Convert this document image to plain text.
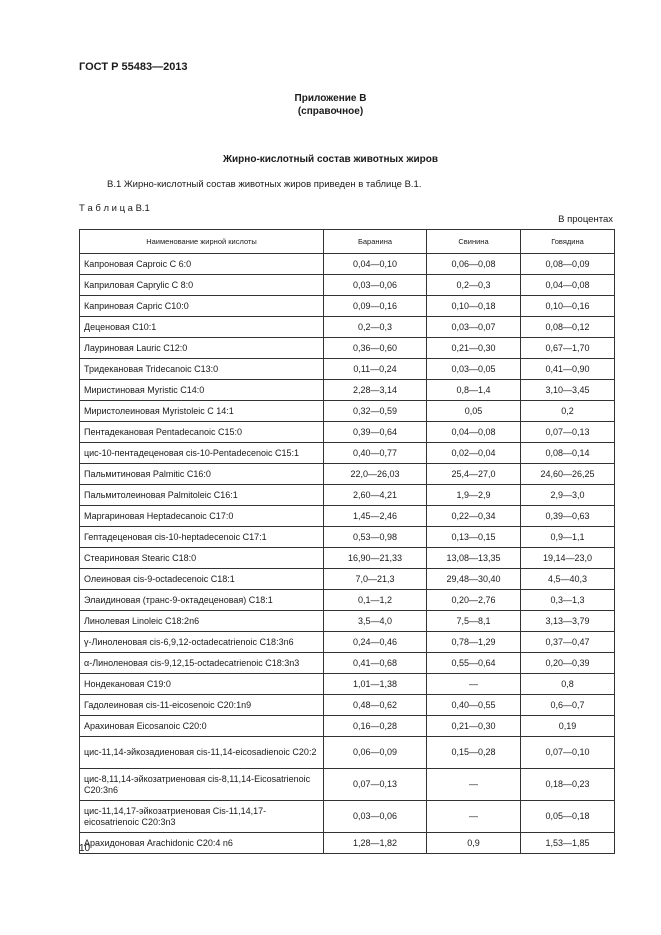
ГОСТ Р 55483—2013
Приложение В
(справочное)
Жирно-кислотный состав животных жиров
В.1 Жирно-кислотный состав животных жиров приведен в таблице В.1.
Т а б л и ц а В.1
В процентах
Наименование жирной кислоты	Баранина	Свинина	Говядина
Капроновая Caproic C 6:0	0,04—0,10	0,06—0,08	0,08—0,09
Каприловая Caprylic C 8:0	0,03—0,06	0,2—0,3	0,04—0,08
Каприновая Capric C10:0	0,09—0,16	0,10—0,18	0,10—0,16
Деценовая C10:1	0,2—0,3	0,03—0,07	0,08—0,12
Лауриновая Lauric C12:0	0,36—0,60	0,21—0,30	0,67—1,70
Тридекановая Tridecanoic C13:0	0,11—0,24	0,03—0,05	0,41—0,90
Миристиновая Myristic C14:0	2,28—3,14	0,8—1,4	3,10—3,45
Миристолеиновая Myristoleic C 14:1	0,32—0,59	0,05	0,2
Пентадекановая Pentadecanoic C15:0	0,39—0,64	0,04—0,08	0,07—0,13
цис-10-пентадеценовая cis-10-Pentadecenoic C15:1	0,40—0,77	0,02—0,04	0,08—0,14
Пальмитиновая Palmitic C16:0	22,0—26,03	25,4—27,0	24,60—26,25
Пальмитолеиновая Palmitoleic C16:1	2,60—4,21	1,9—2,9	2,9—3,0
Маргариновая Heptadecanoic C17:0	1,45—2,46	0,22—0,34	0,39—0,63
Гептадеценовая cis-10-heptadecenoic C17:1	0,53—0,98	0,13—0,15	0,9—1,1
Стеариновая Stearic C18:0	16,90—21,33	13,08—13,35	19,14—23,0
Олеиновая cis-9-octadecenoic C18:1	7,0—21,3	29,48—30,40	4,5—40,3
Элаидиновая (транс-9-октадеценовая) C18:1	0,1—1,2	0,20—2,76	0,3—1,3
Линолевая Linoleic C18:2n6	3,5—4,0	7,5—8,1	3,13—3,79
γ-Линоленовая cis-6,9,12-octadecatrienoic C18:3n6	0,24—0,46	0,78—1,29	0,37—0,47
α-Линоленовая cis-9,12,15-octadecatrienoic C18:3n3	0,41—0,68	0,55—0,64	0,20—0,39
Нондекановая C19:0	1,01—1,38	—	0,8
Гадолеиновая cis-11-eicosenoic C20:1n9	0,48—0,62	0,40—0,55	0,6—0,7
Арахиновая Eicosanoic C20:0	0,16—0,28	0,21—0,30	0,19
цис-11,14-эйкозадиеновая cis-11,14-eicosadienoic C20:2	0,06—0,09	0,15—0,28	0,07—0,10
цис-8,11,14-эйкозатриеновая cis-8,11,14-Eicosatrienoic C20:3n6	0,07—0,13	—	0,18—0,23
цис-11,14,17-эйкозатриеновая Cis-11,14,17-eicosatrienoic C20:3n3	0,03—0,06	—	0,05—0,18
Арахидоновая Arachidonic C20:4 n6	1,28—1,82	0,9	1,53—1,85
10
